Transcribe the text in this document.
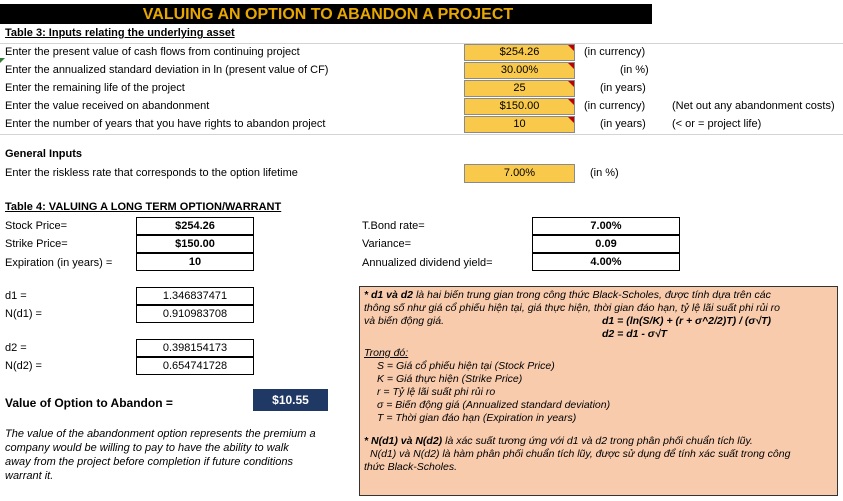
VALUING AN OPTION TO ABANDON A PROJECT
Table 3: Inputs relating the underlying asset
Enter the present value of cash flows from continuing project	$254.26	(in currency)
Enter the annualized standard deviation in ln (present value of CF)	30.00%	(in %)
Enter the remaining life of the project	25	(in years)
Enter the value received on abandonment	$150.00	(in currency) (Net out any abandonment costs)
Enter the number of years that you have rights to abandon project	10	(in years) (< or = project life)
General Inputs
Enter the riskless rate that corresponds to the option lifetime	7.00%	(in %)
Table 4: VALUING A LONG TERM OPTION/WARRANT
Stock Price=	$254.26
Strike Price=	$150.00
Expiration (in years) =	10
T.Bond rate=	7.00%
Variance=	0.09
Annualized dividend yield=	4.00%
d1 =	1.346837471
N(d1) =	0.910983708
d2 =	0.398154173
N(d2) =	0.654741728
Value of Option to Abandon =	$10.55
The value of the abandonment option represents the premium a
company would be willing to pay to have the ability to walk
away from the project before completion if future conditions
warrant it.
* d1 và d2 là hai biến trung gian trong công thức Black-Scholes, được tính dựa trên các
thông số như giá cổ phiếu hiện tại, giá thực hiện, thời gian đáo hạn, tỷ lệ lãi suất phi rủi ro
và biến động giá.	d1 = (ln(S/K) + (r + σ^2/2)T) / (σ√T)
d2 = d1 - σ√T
Trong đó:
S = Giá cổ phiếu hiện tại (Stock Price)
K = Giá thực hiện (Strike Price)
r = Tỷ lệ lãi suất phi rủi ro
σ = Biến động giá (Annualized standard deviation)
T = Thời gian đáo hạn (Expiration in years)
* N(d1) và N(d2) là xác suất tương ứng với d1 và d2 trong phân phối chuẩn tích lũy.
N(d1) và N(d2) là hàm phân phối chuẩn tích lũy, được sử dụng để tính xác suất trong công
thức Black-Scholes.
